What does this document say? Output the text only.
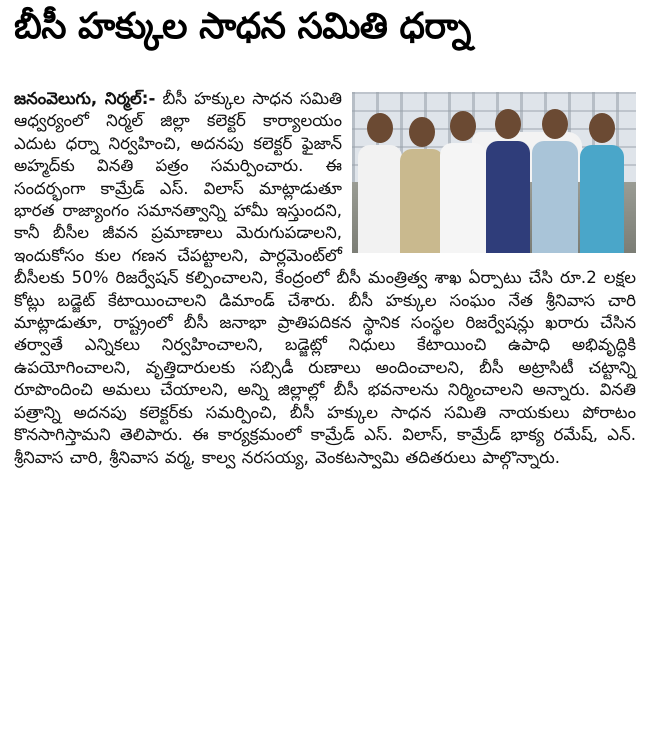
బీసీ హక్కుల సాధన సమితి ధర్నా
జనంవెలుగు, నిర్మల్:- బీసీ హక్కుల సాధన సమితి ఆధ్వర్యంలో నిర్మల్ జిల్లా కలెక్టర్ కార్యాలయం ఎదుట ధర్నా నిర్వహించి, అదనపు కలెక్టర్ ఫైజాన్ అహ్మద్‌కు వినతి పత్రం సమర్పించారు. ఈ సందర్భంగా కామ్రేడ్ ఎస్. విలాస్ మాట్లాడుతూ భారత రాజ్యాంగం సమానత్వాన్ని హామీ ఇస్తుందని, కానీ బీసీల జీవన ప్రమాణాలు మెరుగుపడాలని, ఇందుకోసం కుల గణన చేపట్టాలని, పార్లమెంట్‌లో బీసీలకు 50% రిజర్వేషన్ కల్పించాలని, కేంద్రంలో బీసీ మంత్రిత్వ శాఖ ఏర్పాటు చేసి రూ.2 లక్షల కోట్లు బడ్జెట్ కేటాయించాలని డిమాండ్ చేశారు. బీసీ హక్కుల సంఘం నేత శ్రీనివాస చారి మాట్లాడుతూ, రాష్ట్రంలో బీసీ జనాభా ప్రాతిపదికన స్థానిక సంస్థల రిజర్వేషన్లు ఖరారు చేసిన తర్వాతే ఎన్నికలు నిర్వహించాలని, బడ్జెట్లో నిధులు కేటాయించి ఉపాధి అభివృద్ధికి ఉపయోగించాలని, వృత్తిదారులకు సబ్సిడీ రుణాలు అందించాలని, బీసీ అట్రాసిటీ చట్టాన్ని రూపొందించి అమలు చేయాలని, అన్ని జిల్లాల్లో బీసీ భవనాలను నిర్మించాలని అన్నారు. వినతి పత్రాన్ని అదనపు కలెక్టర్‌కు సమర్పించి, బీసీ హక్కుల సాధన సమితి నాయకులు పోరాటం కొనసాగిస్తామని తెలిపారు. ఈ కార్యక్రమంలో కామ్రేడ్ ఎస్. విలాస్, కామ్రేడ్ భాక్య రమేష్, ఎన్. శ్రీనివాస చారి, శ్రీనివాస వర్మ, కాల్వ నరసయ్య, వెంకటస్వామి తదితరులు పాల్గొన్నారు.
